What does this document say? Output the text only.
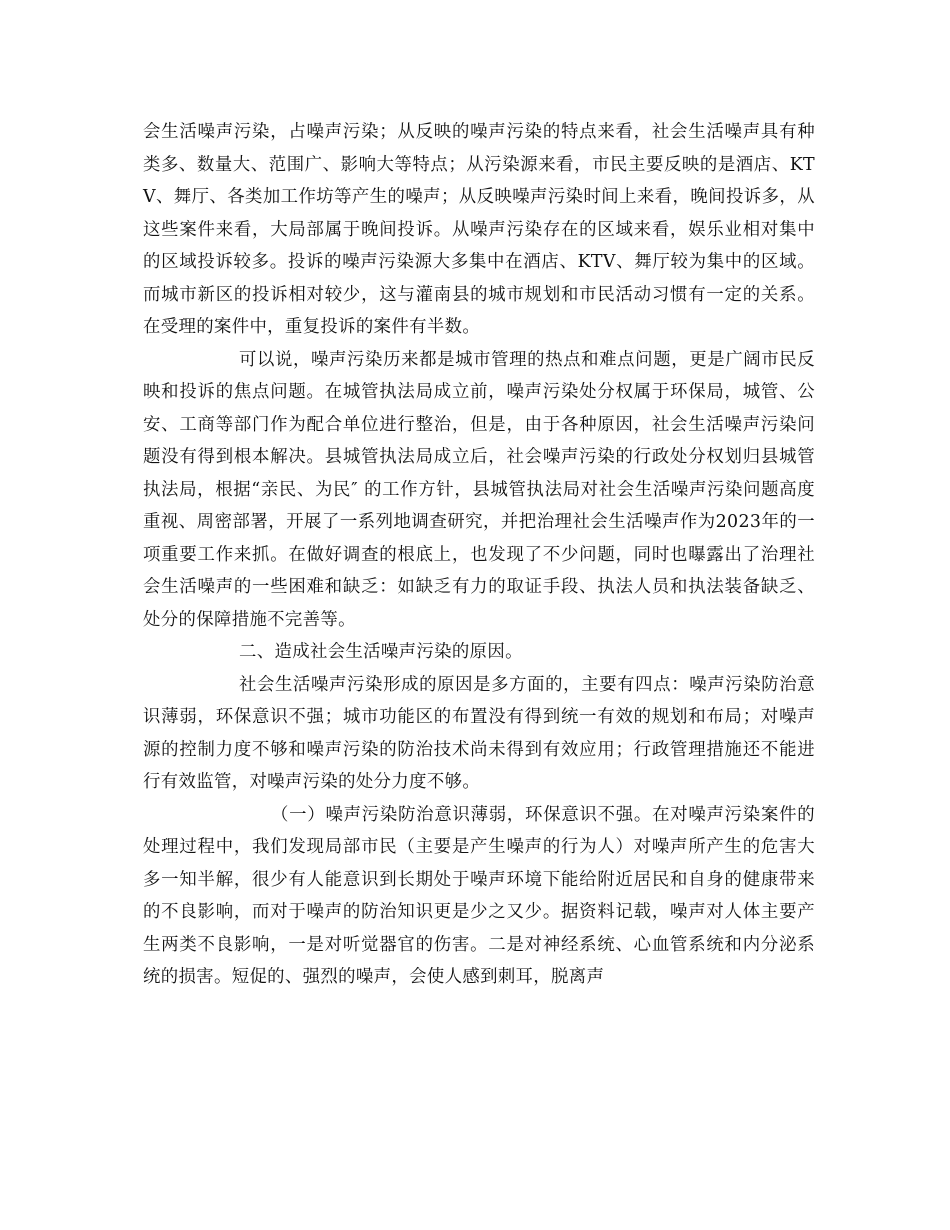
会生活噪声污染，占噪声污染；从反映的噪声污染的特点来看，社会生活噪声具有种类多、数量大、范围广、影响大等特点；从污染源来看，市民主要反映的是酒店、KTV、舞厅、各类加工作坊等产生的噪声；从反映噪声污染时间上来看，晚间投诉多，从这些案件来看，大局部属于晚间投诉。从噪声污染存在的区域来看，娱乐业相对集中的区域投诉较多。投诉的噪声污染源大多集中在酒店、KTV、舞厅较为集中的区域。而城市新区的投诉相对较少，这与灌南县的城市规划和市民活动习惯有一定的关系。在受理的案件中，重复投诉的案件有半数。

可以说，噪声污染历来都是城市管理的热点和难点问题，更是广阔市民反映和投诉的焦点问题。在城管执法局成立前，噪声污染处分权属于环保局，城管、公安、工商等部门作为配合单位进行整治，但是，由于各种原因，社会生活噪声污染问题没有得到根本解决。县城管执法局成立后，社会噪声污染的行政处分权划归县城管执法局，根据“亲民、为民″ 的工作方针，县城管执法局对社会生活噪声污染问题高度重视、周密部署，开展了一系列地调查研究，并把治理社会生活噪声作为2023年的一项重要工作来抓。在做好调查的根底上，也发现了不少问题，同时也曝露出了治理社会生活噪声的一些困难和缺乏：如缺乏有力的取证手段、执法人员和执法装备缺乏、处分的保障措施不完善等。

二、造成社会生活噪声污染的原因。

社会生活噪声污染形成的原因是多方面的，主要有四点：噪声污染防治意识薄弱，环保意识不强；城市功能区的布置没有得到统一有效的规划和布局；对噪声源的控制力度不够和噪声污染的防治技术尚未得到有效应用；行政管理措施还不能进行有效监管，对噪声污染的处分力度不够。

（一）噪声污染防治意识薄弱，环保意识不强。在对噪声污染案件的处理过程中，我们发现局部市民（主要是产生噪声的行为人）对噪声所产生的危害大多一知半解，很少有人能意识到长期处于噪声环境下能给附近居民和自身的健康带来的不良影响，而对于噪声的防治知识更是少之又少。据资料记载，噪声对人体主要产生两类不良影响，一是对听觉器官的伤害。二是对神经系统、心血管系统和内分泌系统的损害。短促的、强烈的噪声，会使人感到刺耳，脱离声
